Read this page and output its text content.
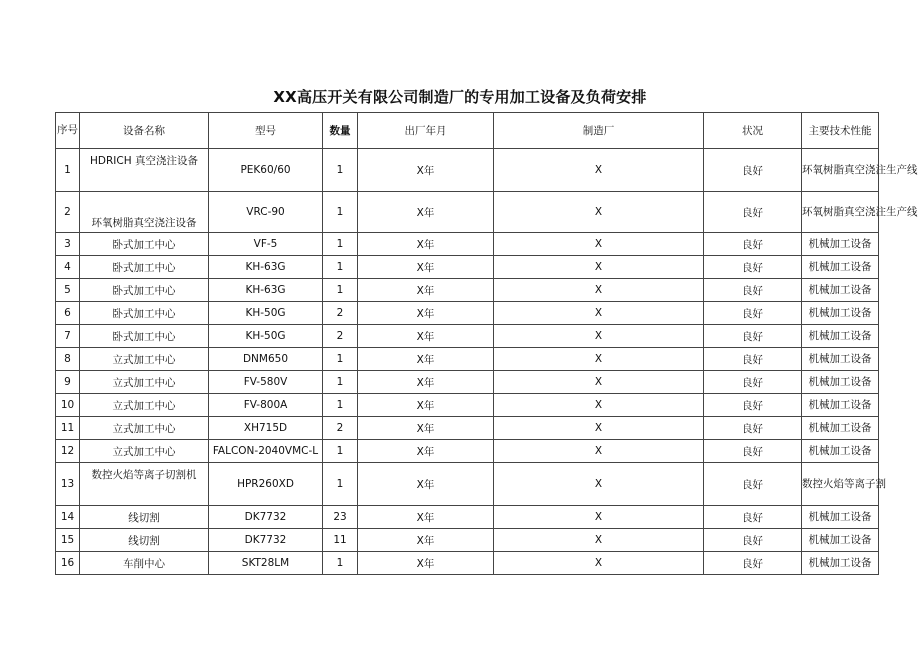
XX高压开关有限公司制造厂的专用加工设备及负荷安排
序号	设备名称	型号	数量	出厂年月	制造厂	状况	主要技术性能
1	HDRICH 真空浇注设备	PEK60/60	1	X年	X	良好	环氧树脂真空浇注生产线
2	环氧树脂真空浇注设备	VRC-90	1	X年	X	良好	环氧树脂真空浇注生产线
3	卧式加工中心	VF-5	1	X年	X	良好	机械加工设备
4	卧式加工中心	KH-63G	1	X年	X	良好	机械加工设备
5	卧式加工中心	KH-63G	1	X年	X	良好	机械加工设备
6	卧式加工中心	KH-50G	2	X年	X	良好	机械加工设备
7	卧式加工中心	KH-50G	2	X年	X	良好	机械加工设备
8	立式加工中心	DNM650	1	X年	X	良好	机械加工设备
9	立式加工中心	FV-580V	1	X年	X	良好	机械加工设备
10	立式加工中心	FV-800A	1	X年	X	良好	机械加工设备
11	立式加工中心	XH715D	2	X年	X	良好	机械加工设备
12	立式加工中心	FALCON-2040VMC-L	1	X年	X	良好	机械加工设备
13	数控火焰等离子切割机	HPR260XD	1	X年	X	良好	数控火焰等离子割
14	线切割	DK7732	23	X年	X	良好	机械加工设备
15	线切割	DK7732	11	X年	X	良好	机械加工设备
16	车削中心	SKT28LM	1	X年	X	良好	机械加工设备
